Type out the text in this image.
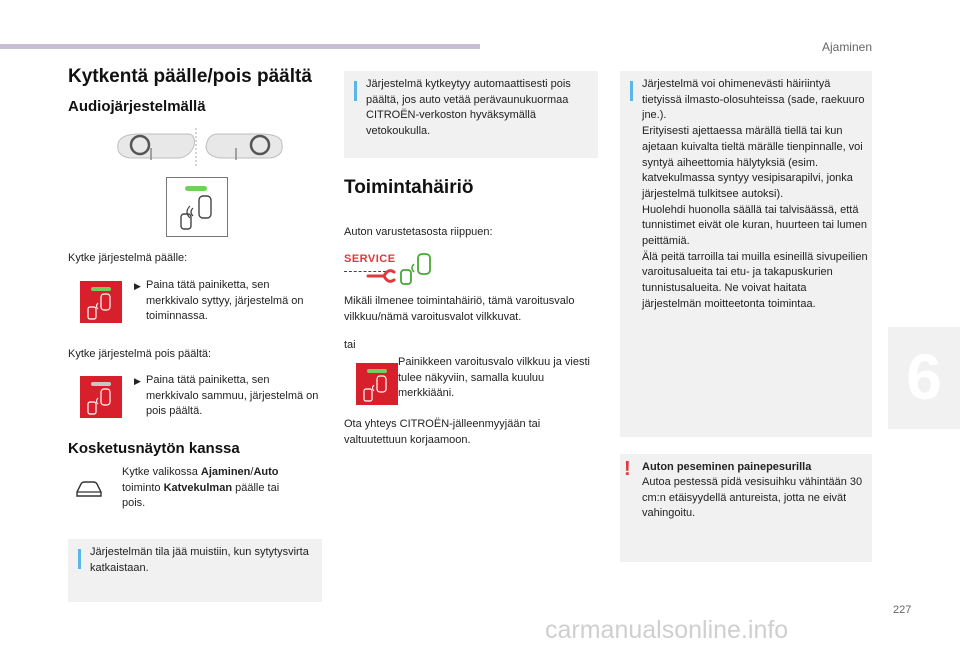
Ajaminen
6
227
carmanualsonline.info
Kytkentä päälle/pois päältä
Audiojärjestelmällä
Kytke järjestelmä päälle:
▶ Paina tätä painiketta, sen merkkivalo syttyy, järjestelmä on toiminnassa.
Kytke järjestelmä pois päältä:
▶ Paina tätä painiketta, sen merkkivalo sammuu, järjestelmä on pois päältä.
Kosketusnäytön kanssa
Kytke valikossa Ajaminen/Auto toiminto Katvekulman päälle tai pois.
Järjestelmän tila jää muistiin, kun sytytysvirta katkaistaan.
Järjestelmä kytkeytyy automaattisesti pois päältä, jos auto vetää perävaunukuormaa CITROËN-verkoston hyväksymällä vetokoukulla.
Toimintahäiriö
Auton varustetasosta riippuen:
SERVICE
Mikäli ilmenee toimintahäiriö, tämä varoitusvalo vilkkuu/nämä varoitusvalot vilkkuvat.
tai
Painikkeen varoitusvalo vilkkuu ja viesti tulee näkyviin, samalla kuuluu merkkiääni.
Ota yhteys CITROËN-jälleenmyyjään tai valtuutettuun korjaamoon.
Järjestelmä voi ohimenevästi häiriintyä tietyissä ilmasto-olosuhteissa (sade, raekuuro jne.).
Erityisesti ajettaessa märällä tiellä tai kun ajetaan kuivalta tieltä märälle tienpinnalle, voi syntyä aiheettomia hälytyksiä (esim. katvekulmassa syntyy vesipisarapilvi, jonka järjestelmä tulkitsee autoksi).
Huolehdi huonolla säällä tai talvisäässä, että tunnistimet eivät ole kuran, huurteen tai lumen peittämiä.
Älä peitä tarroilla tai muilla esineillä sivupeilien varoitusalueita tai etu- ja takapuskurien tunnistusalueita. Ne voivat haitata järjestelmän moitteetonta toimintaa.
! Auton peseminen painepesurilla
Autoa pestessä pidä vesisuihku vähintään 30 cm:n etäisyydellä antureista, jotta ne eivät vahingoitu.
